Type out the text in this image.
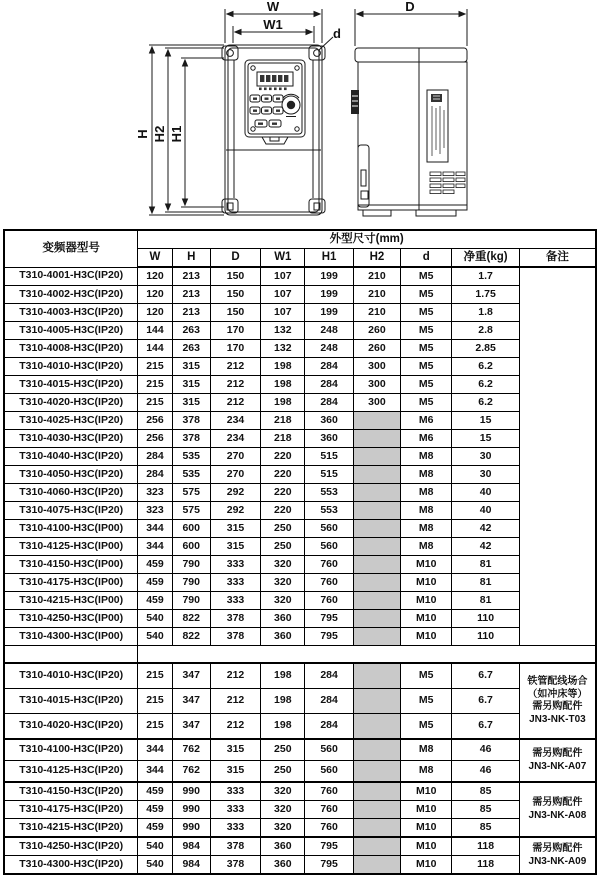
W
W1
d
D
H H2 H1
变频器型号	外型尺寸(mm)								
	W	H	D	W1	H1	H2	d	净重(kg)	备注
T310-4001-H3C(IP20)	120	213	150	107	199	210	M5	1.7	
T310-4002-H3C(IP20)	120	213	150	107	199	210	M5	1.75	
T310-4003-H3C(IP20)	120	213	150	107	199	210	M5	1.8	
T310-4005-H3C(IP20)	144	263	170	132	248	260	M5	2.8	
T310-4008-H3C(IP20)	144	263	170	132	248	260	M5	2.85	
T310-4010-H3C(IP20)	215	315	212	198	284	300	M5	6.2	
T310-4015-H3C(IP20)	215	315	212	198	284	300	M5	6.2	
T310-4020-H3C(IP20)	215	315	212	198	284	300	M5	6.2	
T310-4025-H3C(IP20)	256	378	234	218	360		M6	15	
T310-4030-H3C(IP20)	256	378	234	218	360		M6	15	
T310-4040-H3C(IP20)	284	535	270	220	515		M8	30	
T310-4050-H3C(IP20)	284	535	270	220	515		M8	30	
T310-4060-H3C(IP20)	323	575	292	220	553		M8	40	
T310-4075-H3C(IP20)	323	575	292	220	553		M8	40	
T310-4100-H3C(IP00)	344	600	315	250	560		M8	42	
T310-4125-H3C(IP00)	344	600	315	250	560		M8	42	
T310-4150-H3C(IP00)	459	790	333	320	760		M10	81	
T310-4175-H3C(IP00)	459	790	333	320	760		M10	81	
T310-4215-H3C(IP00)	459	790	333	320	760		M10	81	
T310-4250-H3C(IP00)	540	822	378	360	795		M10	110	
T310-4300-H3C(IP00)	540	822	378	360	795		M10	110	

T310-4010-H3C(IP20)	215	347	212	198	284		M5	6.7	铁管配线场合
（如冲床等）
需另购配件
JN3-NK-T03

T310-4015-H3C(IP20)	215	347	212	198	284		M5	6.7	
T310-4020-H3C(IP20)	215	347	212	198	284		M5	6.7	
T310-4100-H3C(IP20)	344	762	315	250	560		M8	46	需另购配件
JN3-NK-A07

T310-4125-H3C(IP20)	344	762	315	250	560		M8	46	
T310-4150-H3C(IP20)	459	990	333	320	760		M10	85	需另购配件
JN3-NK-A08

T310-4175-H3C(IP20)	459	990	333	320	760		M10	85	
T310-4215-H3C(IP20)	459	990	333	320	760		M10	85	
T310-4250-H3C(IP20)	540	984	378	360	795		M10	118	需另购配件
JN3-NK-A09

T310-4300-H3C(IP20)	540	984	378	360	795		M10	118	
